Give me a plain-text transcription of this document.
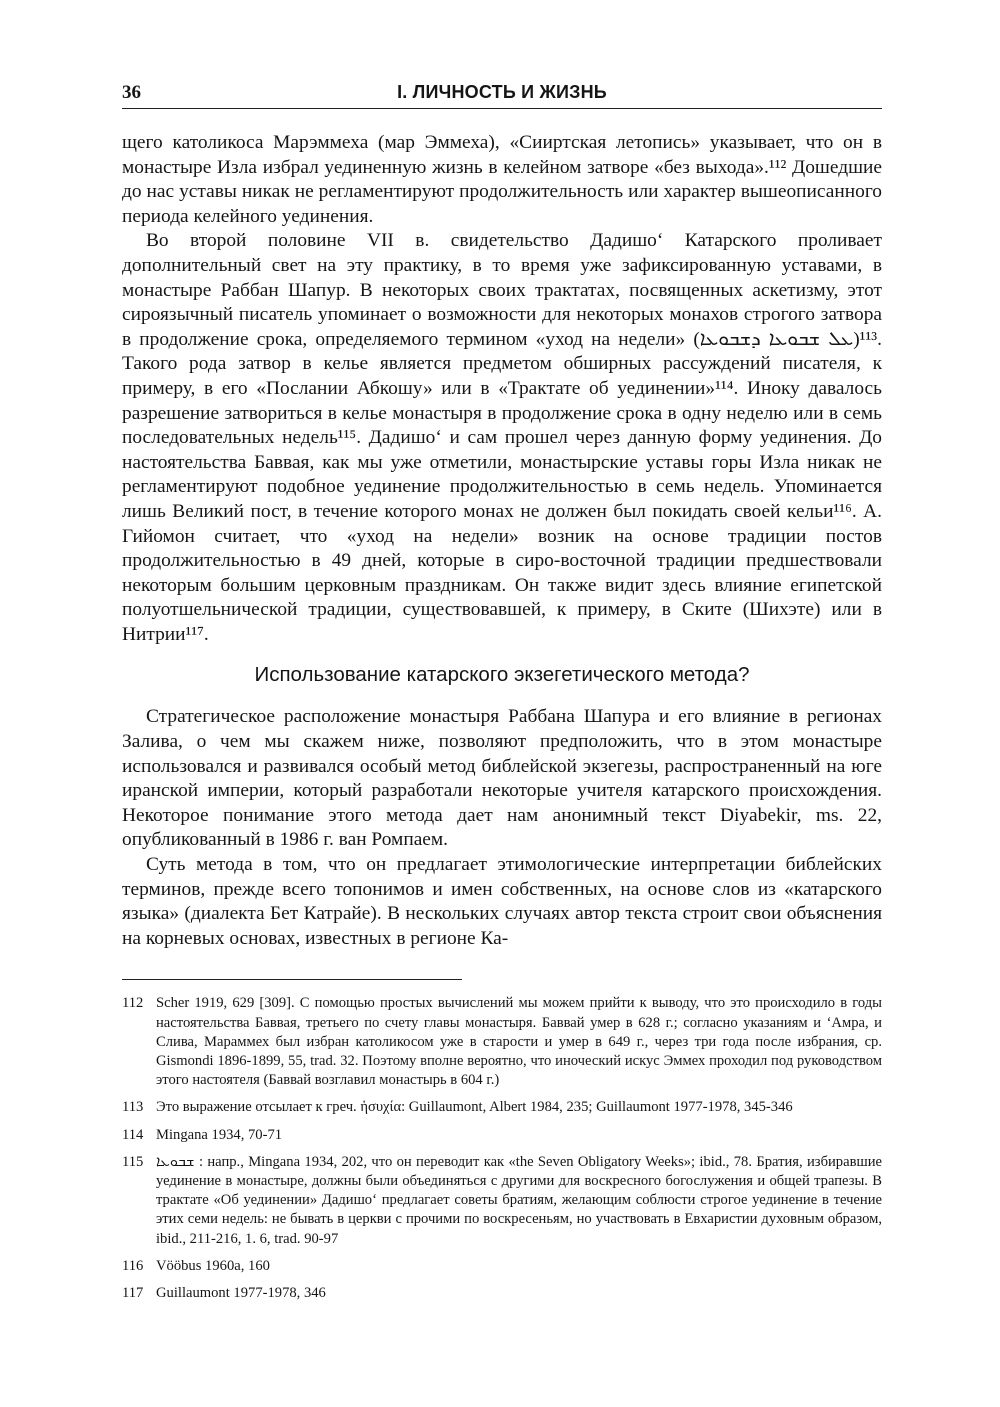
36	I. ЛИЧНОСТЬ И ЖИЗНЬ

щего католикоса Марэммеха (мар Эммеха), «Сииртская летопись» указывает, что он в монастыре Изла избрал уединенную жизнь в келейном затворе «без выхода».¹¹² Дошедшие до нас уставы никак не регламентируют продолжительность или характер вышеописанного периода келейного уединения.

Во второй половине VII в. свидетельство Дадишо‘ Катарского проливает дополнительный свет на эту практику, в то время уже зафиксированную уставами, в монастыре Раббан Шапур. В некоторых своих трактатах, посвященных аскетизму, этот сироязычный писатель упоминает о возможности для некоторых монахов строгого затвора в продолжение срока, определяемого термином «уход на недели» (ܥܠ ܫܒܘܥܐ ܕܫܒܘܥܐ)¹¹³. Такого рода затвор в келье является предметом обширных рассуждений писателя, к примеру, в его «Послании Абкошу» или в «Трактате об уединении»¹¹⁴. Иноку давалось разрешение затвориться в келье монастыря в продолжение срока в одну неделю или в семь последовательных недель¹¹⁵. Дадишо‘ и сам прошел через данную форму уединения. До настоятельства Баввая, как мы уже отметили, монастырские уставы горы Изла никак не регламентируют подобное уединение продолжительностью в семь недель. Упоминается лишь Великий пост, в течение которого монах не должен был покидать своей кельи¹¹⁶. А. Гийомон считает, что «уход на недели» возник на основе традиции постов продолжительностью в 49 дней, которые в сиро-восточной традиции предшествовали некоторым большим церковным праздникам. Он также видит здесь влияние египетской полуотшельнической традиции, существовавшей, к примеру, в Ските (Шихэте) или в Нитрии¹¹⁷.

Использование катарского экзегетического метода?

Стратегическое расположение монастыря Раббана Шапура и его влияние в регионах Залива, о чем мы скажем ниже, позволяют предположить, что в этом монастыре использовался и развивался особый метод библейской экзегезы, распространенный на юге иранской империи, который разработали некоторые учителя катарского происхождения. Некоторое понимание этого метода дает нам анонимный текст Diyabekir, ms. 22, опубликованный в 1986 г. ван Ромпаем.

Суть метода в том, что он предлагает этимологические интерпретации библейских терминов, прежде всего топонимов и имен собственных, на основе слов из «катарского языка» (диалекта Бет Катрайе). В нескольких случаях автор текста строит свои объяснения на корневых основах, известных в регионе Ка-

112 Scher 1919, 629 [309]. С помощью простых вычислений мы можем прийти к выводу, что это происходило в годы настоятельства Баввая, третьего по счету главы монастыря. Баввай умер в 628 г.; согласно указаниям и ‘Амра, и Слива, Мараммех был избран католикосом уже в старости и умер в 649 г., через три года после избрания, ср. Gismondi 1896-1899, 55, trad. 32. Поэтому вполне вероятно, что иноческий искус Эммех проходил под руководством этого настоятеля (Баввай возглавил монастырь в 604 г.)
113 Это выражение отсылает к греч. ἡσυχία: Guillaumont, Albert 1984, 235; Guillaumont 1977-1978, 345-346
114 Mingana 1934, 70-71
115 ܫܒܘܥܐ : напр., Mingana 1934, 202, что он переводит как «the Seven Obligatory Weeks»; ibid., 78. Братия, избиравшие уединение в монастыре, должны были объединяться с другими для воскресного богослужения и общей трапезы. В трактате «Об уединении» Дадишо‘ предлагает советы братиям, желающим соблюсти строгое уединение в течение этих семи недель: не бывать в церкви с прочими по воскресеньям, но участвовать в Евхаристии духовным образом, ibid., 211-216, 1. 6, trad. 90-97
116 Vööbus 1960a, 160
117 Guillaumont 1977-1978, 346
